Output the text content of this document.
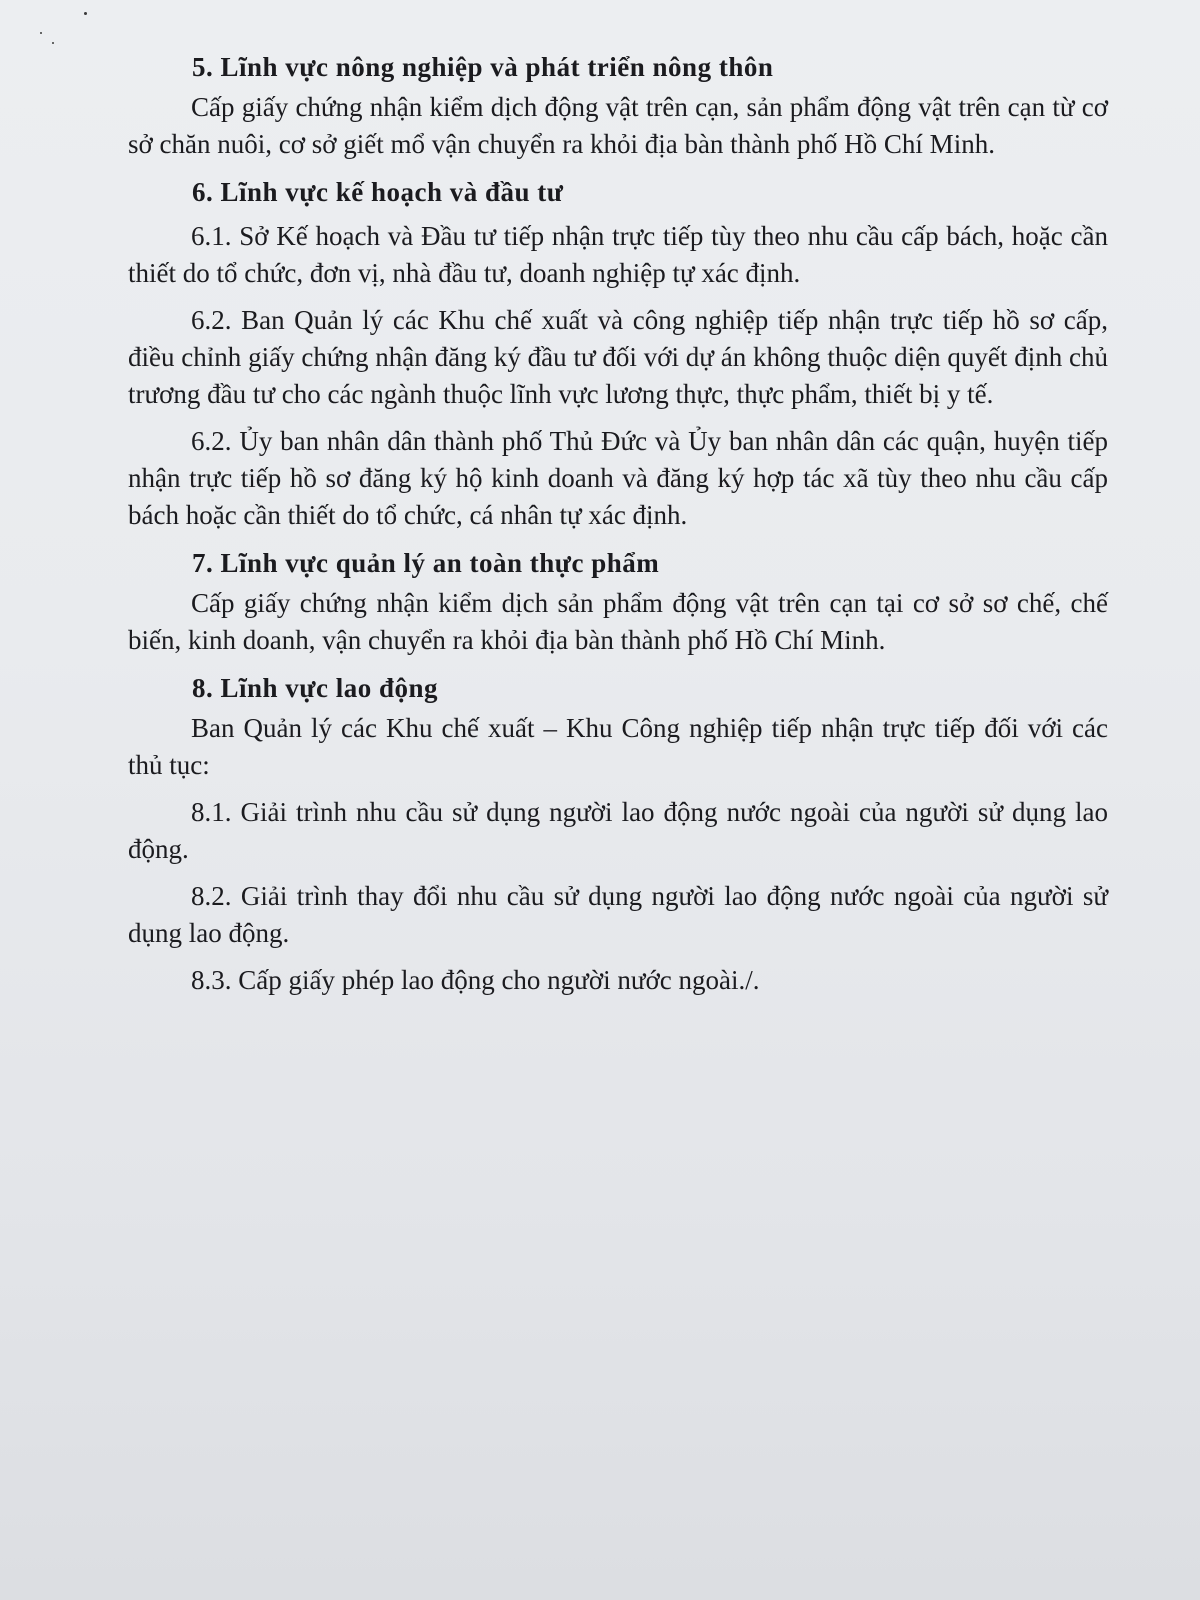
5. Lĩnh vực nông nghiệp và phát triển nông thôn

Cấp giấy chứng nhận kiểm dịch động vật trên cạn, sản phẩm động vật trên cạn từ cơ sở chăn nuôi, cơ sở giết mổ vận chuyển ra khỏi địa bàn thành phố Hồ Chí Minh.

6. Lĩnh vực kế hoạch và đầu tư

6.1. Sở Kế hoạch và Đầu tư tiếp nhận trực tiếp tùy theo nhu cầu cấp bách, hoặc cần thiết do tổ chức, đơn vị, nhà đầu tư, doanh nghiệp tự xác định.

6.2. Ban Quản lý các Khu chế xuất và công nghiệp tiếp nhận trực tiếp hồ sơ cấp, điều chỉnh giấy chứng nhận đăng ký đầu tư đối với dự án không thuộc diện quyết định chủ trương đầu tư cho các ngành thuộc lĩnh vực lương thực, thực phẩm, thiết bị y tế.

6.2. Ủy ban nhân dân thành phố Thủ Đức và Ủy ban nhân dân các quận, huyện tiếp nhận trực tiếp hồ sơ đăng ký hộ kinh doanh và đăng ký hợp tác xã tùy theo nhu cầu cấp bách hoặc cần thiết do tổ chức, cá nhân tự xác định.

7. Lĩnh vực quản lý an toàn thực phẩm

Cấp giấy chứng nhận kiểm dịch sản phẩm động vật trên cạn tại cơ sở sơ chế, chế biến, kinh doanh, vận chuyển ra khỏi địa bàn thành phố Hồ Chí Minh.

8. Lĩnh vực lao động

Ban Quản lý các Khu chế xuất – Khu Công nghiệp tiếp nhận trực tiếp đối với các thủ tục:

8.1. Giải trình nhu cầu sử dụng người lao động nước ngoài của người sử dụng lao động.

8.2. Giải trình thay đổi nhu cầu sử dụng người lao động nước ngoài của người sử dụng lao động.

8.3. Cấp giấy phép lao động cho người nước ngoài./.
